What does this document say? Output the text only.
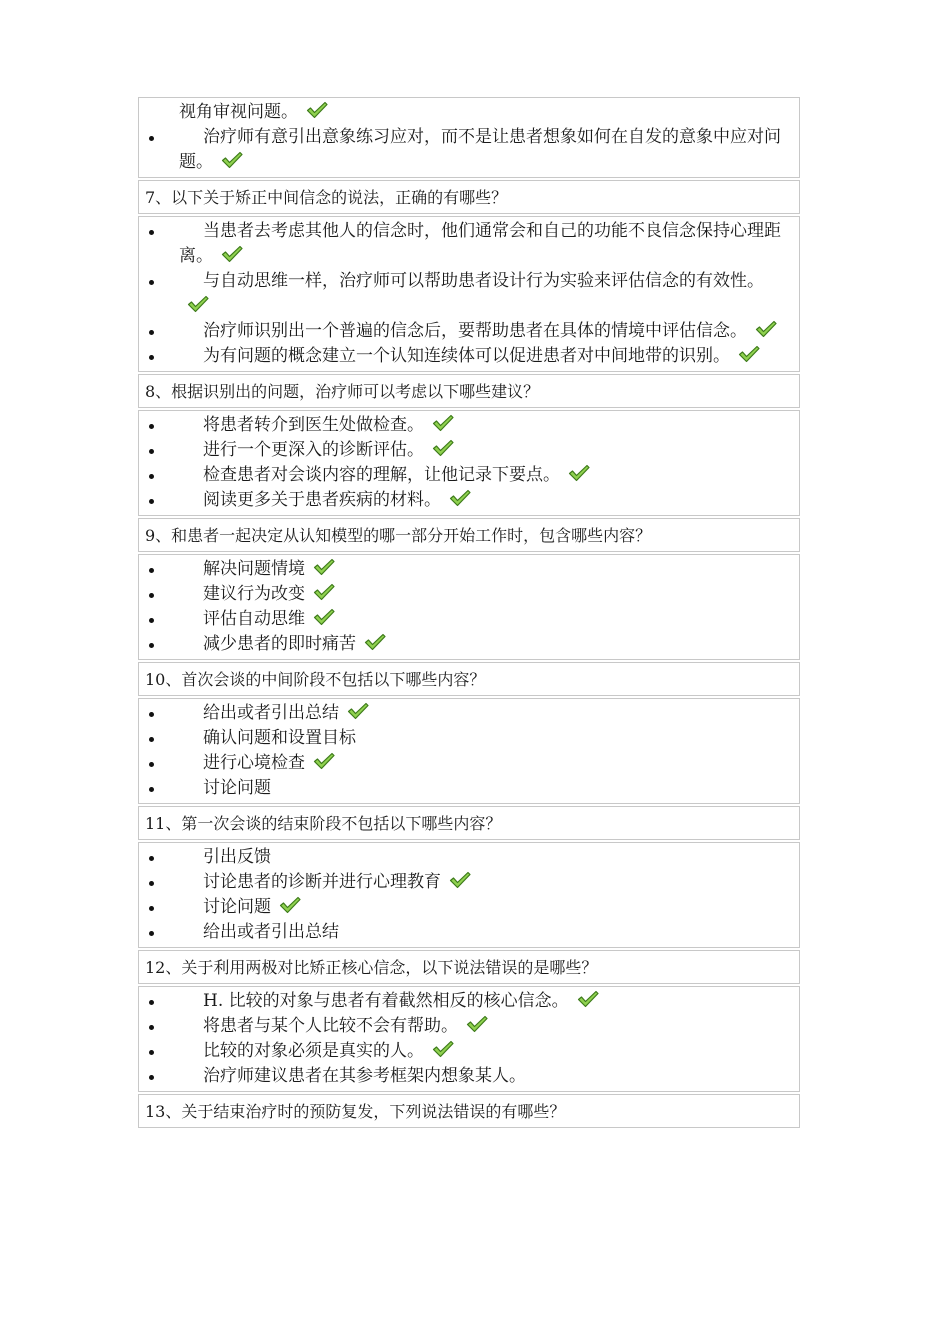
视角审视问题。
治疗师有意引出意象练习应对，而不是让患者想象如何在自发的意象中应对问题。
7、以下关于矫正中间信念的说法，正确的有哪些？
当患者去考虑其他人的信念时，他们通常会和自己的功能不良信念保持心理距离。
与自动思维一样，治疗师可以帮助患者设计行为实验来评估信念的有效性。
治疗师识别出一个普遍的信念后，要帮助患者在具体的情境中评估信念。
为有问题的概念建立一个认知连续体可以促进患者对中间地带的识别。
8、根据识别出的问题，治疗师可以考虑以下哪些建议？
将患者转介到医生处做检查。
进行一个更深入的诊断评估。
检查患者对会谈内容的理解，让他记录下要点。
阅读更多关于患者疾病的材料。
9、和患者一起决定从认知模型的哪一部分开始工作时，包含哪些内容？
解决问题情境
建议行为改变
评估自动思维
减少患者的即时痛苦
10、首次会谈的中间阶段不包括以下哪些内容？
给出或者引出总结
确认问题和设置目标
进行心境检查
讨论问题
11、第一次会谈的结束阶段不包括以下哪些内容？
引出反馈
讨论患者的诊断并进行心理教育
讨论问题
给出或者引出总结
12、关于利用两极对比矫正核心信念，以下说法错误的是哪些？
H. 比较的对象与患者有着截然相反的核心信念。
将患者与某个人比较不会有帮助。
比较的对象必须是真实的人。
治疗师建议患者在其参考框架内想象某人。
13、关于结束治疗时的预防复发，下列说法错误的有哪些？
